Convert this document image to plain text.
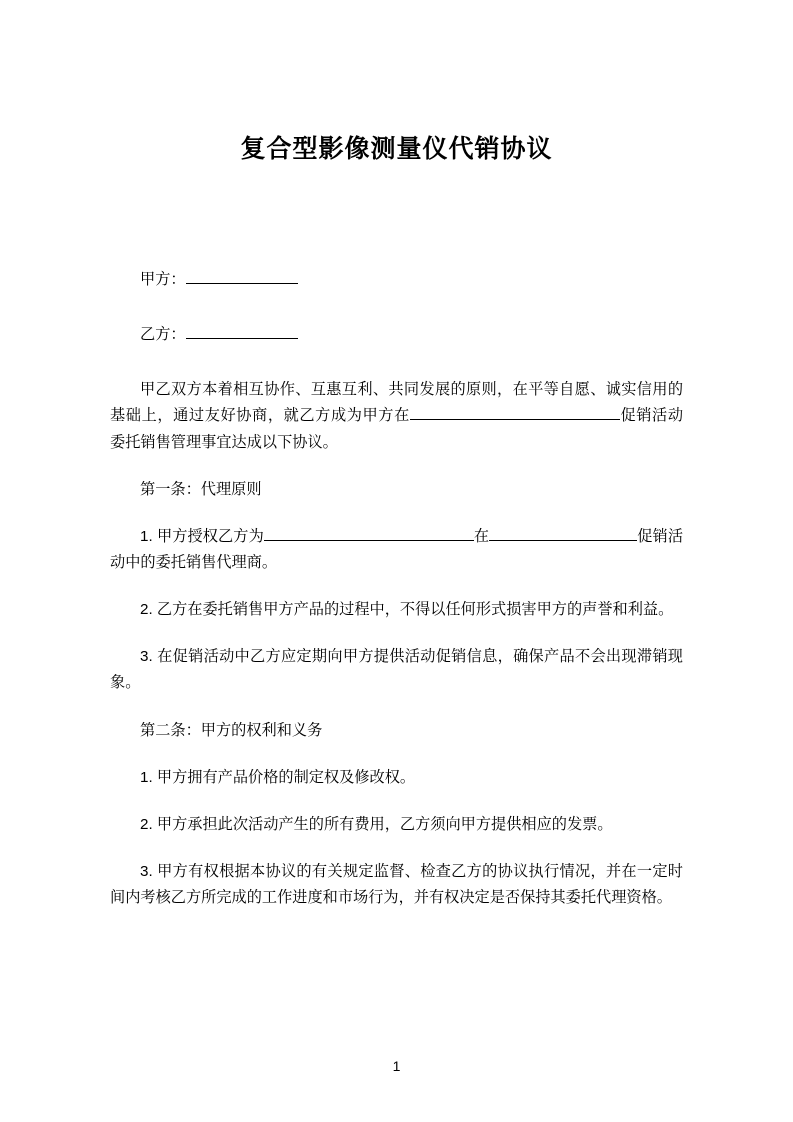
复合型影像测量仪代销协议

甲方：

乙方：

甲乙双方本着相互协作、互惠互利、共同发展的原则，在平等自愿、诚实信用的基础上，通过友好协商，就乙方成为甲方在	促销活动委托销售管理事宜达成以下协议。

第一条：代理原则

1. 甲方授权乙方为	在	促销活动中的委托销售代理商。

2. 乙方在委托销售甲方产品的过程中，不得以任何形式损害甲方的声誉和利益。

3. 在促销活动中乙方应定期向甲方提供活动促销信息，确保产品不会出现滞销现象。

第二条：甲方的权利和义务

1. 甲方拥有产品价格的制定权及修改权。

2. 甲方承担此次活动产生的所有费用，乙方须向甲方提供相应的发票。

3. 甲方有权根据本协议的有关规定监督、检查乙方的协议执行情况，并在一定时间内考核乙方所完成的工作进度和市场行为，并有权决定是否保持其委托代理资格。

1
